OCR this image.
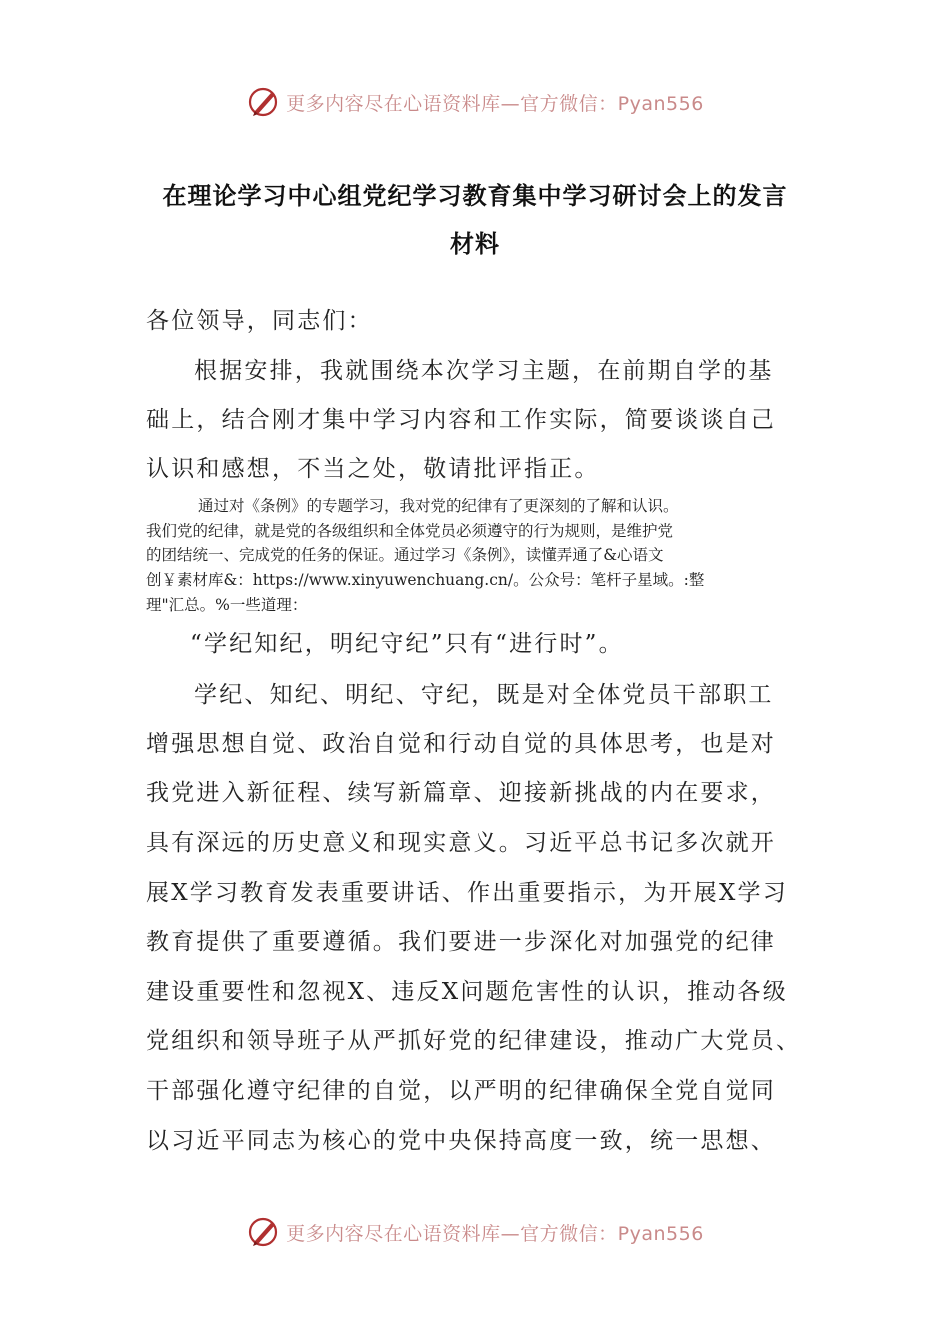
更多内容尽在心语资料库—官方微信：Pyan556
在理论学习中心组党纪学习教育集中学习研讨会上的发言
材料
各位领导，同志们：
根据安排，我就围绕本次学习主题，在前期自学的基
础上，结合刚才集中学习内容和工作实际，简要谈谈自己
认识和感想，不当之处，敬请批评指正。
通过对《条例》的专题学习，我对党的纪律有了更深刻的了解和认识。
我们党的纪律，就是党的各级组织和全体党员必须遵守的行为规则，是维护党
的团结统一、完成党的任务的保证。通过学习《条例》，读懂弄通了&心语文
创￥素材库&：https://www.xinyuwenchuang.cn/。公众号：笔杆子星域。:整
理"汇总。%一些道理：
“学纪知纪，明纪守纪”只有“进行时”。
学纪、知纪、明纪、守纪，既是对全体党员干部职工
增强思想自觉、政治自觉和行动自觉的具体思考，也是对
我党进入新征程、续写新篇章、迎接新挑战的内在要求，
具有深远的历史意义和现实意义。习近平总书记多次就开
展X学习教育发表重要讲话、作出重要指示，为开展X学习
教育提供了重要遵循。我们要进一步深化对加强党的纪律
建设重要性和忽视X、违反X问题危害性的认识，推动各级
党组织和领导班子从严抓好党的纪律建设，推动广大党员、
干部强化遵守纪律的自觉，以严明的纪律确保全党自觉同
以习近平同志为核心的党中央保持高度一致，统一思想、
更多内容尽在心语资料库—官方微信：Pyan556
